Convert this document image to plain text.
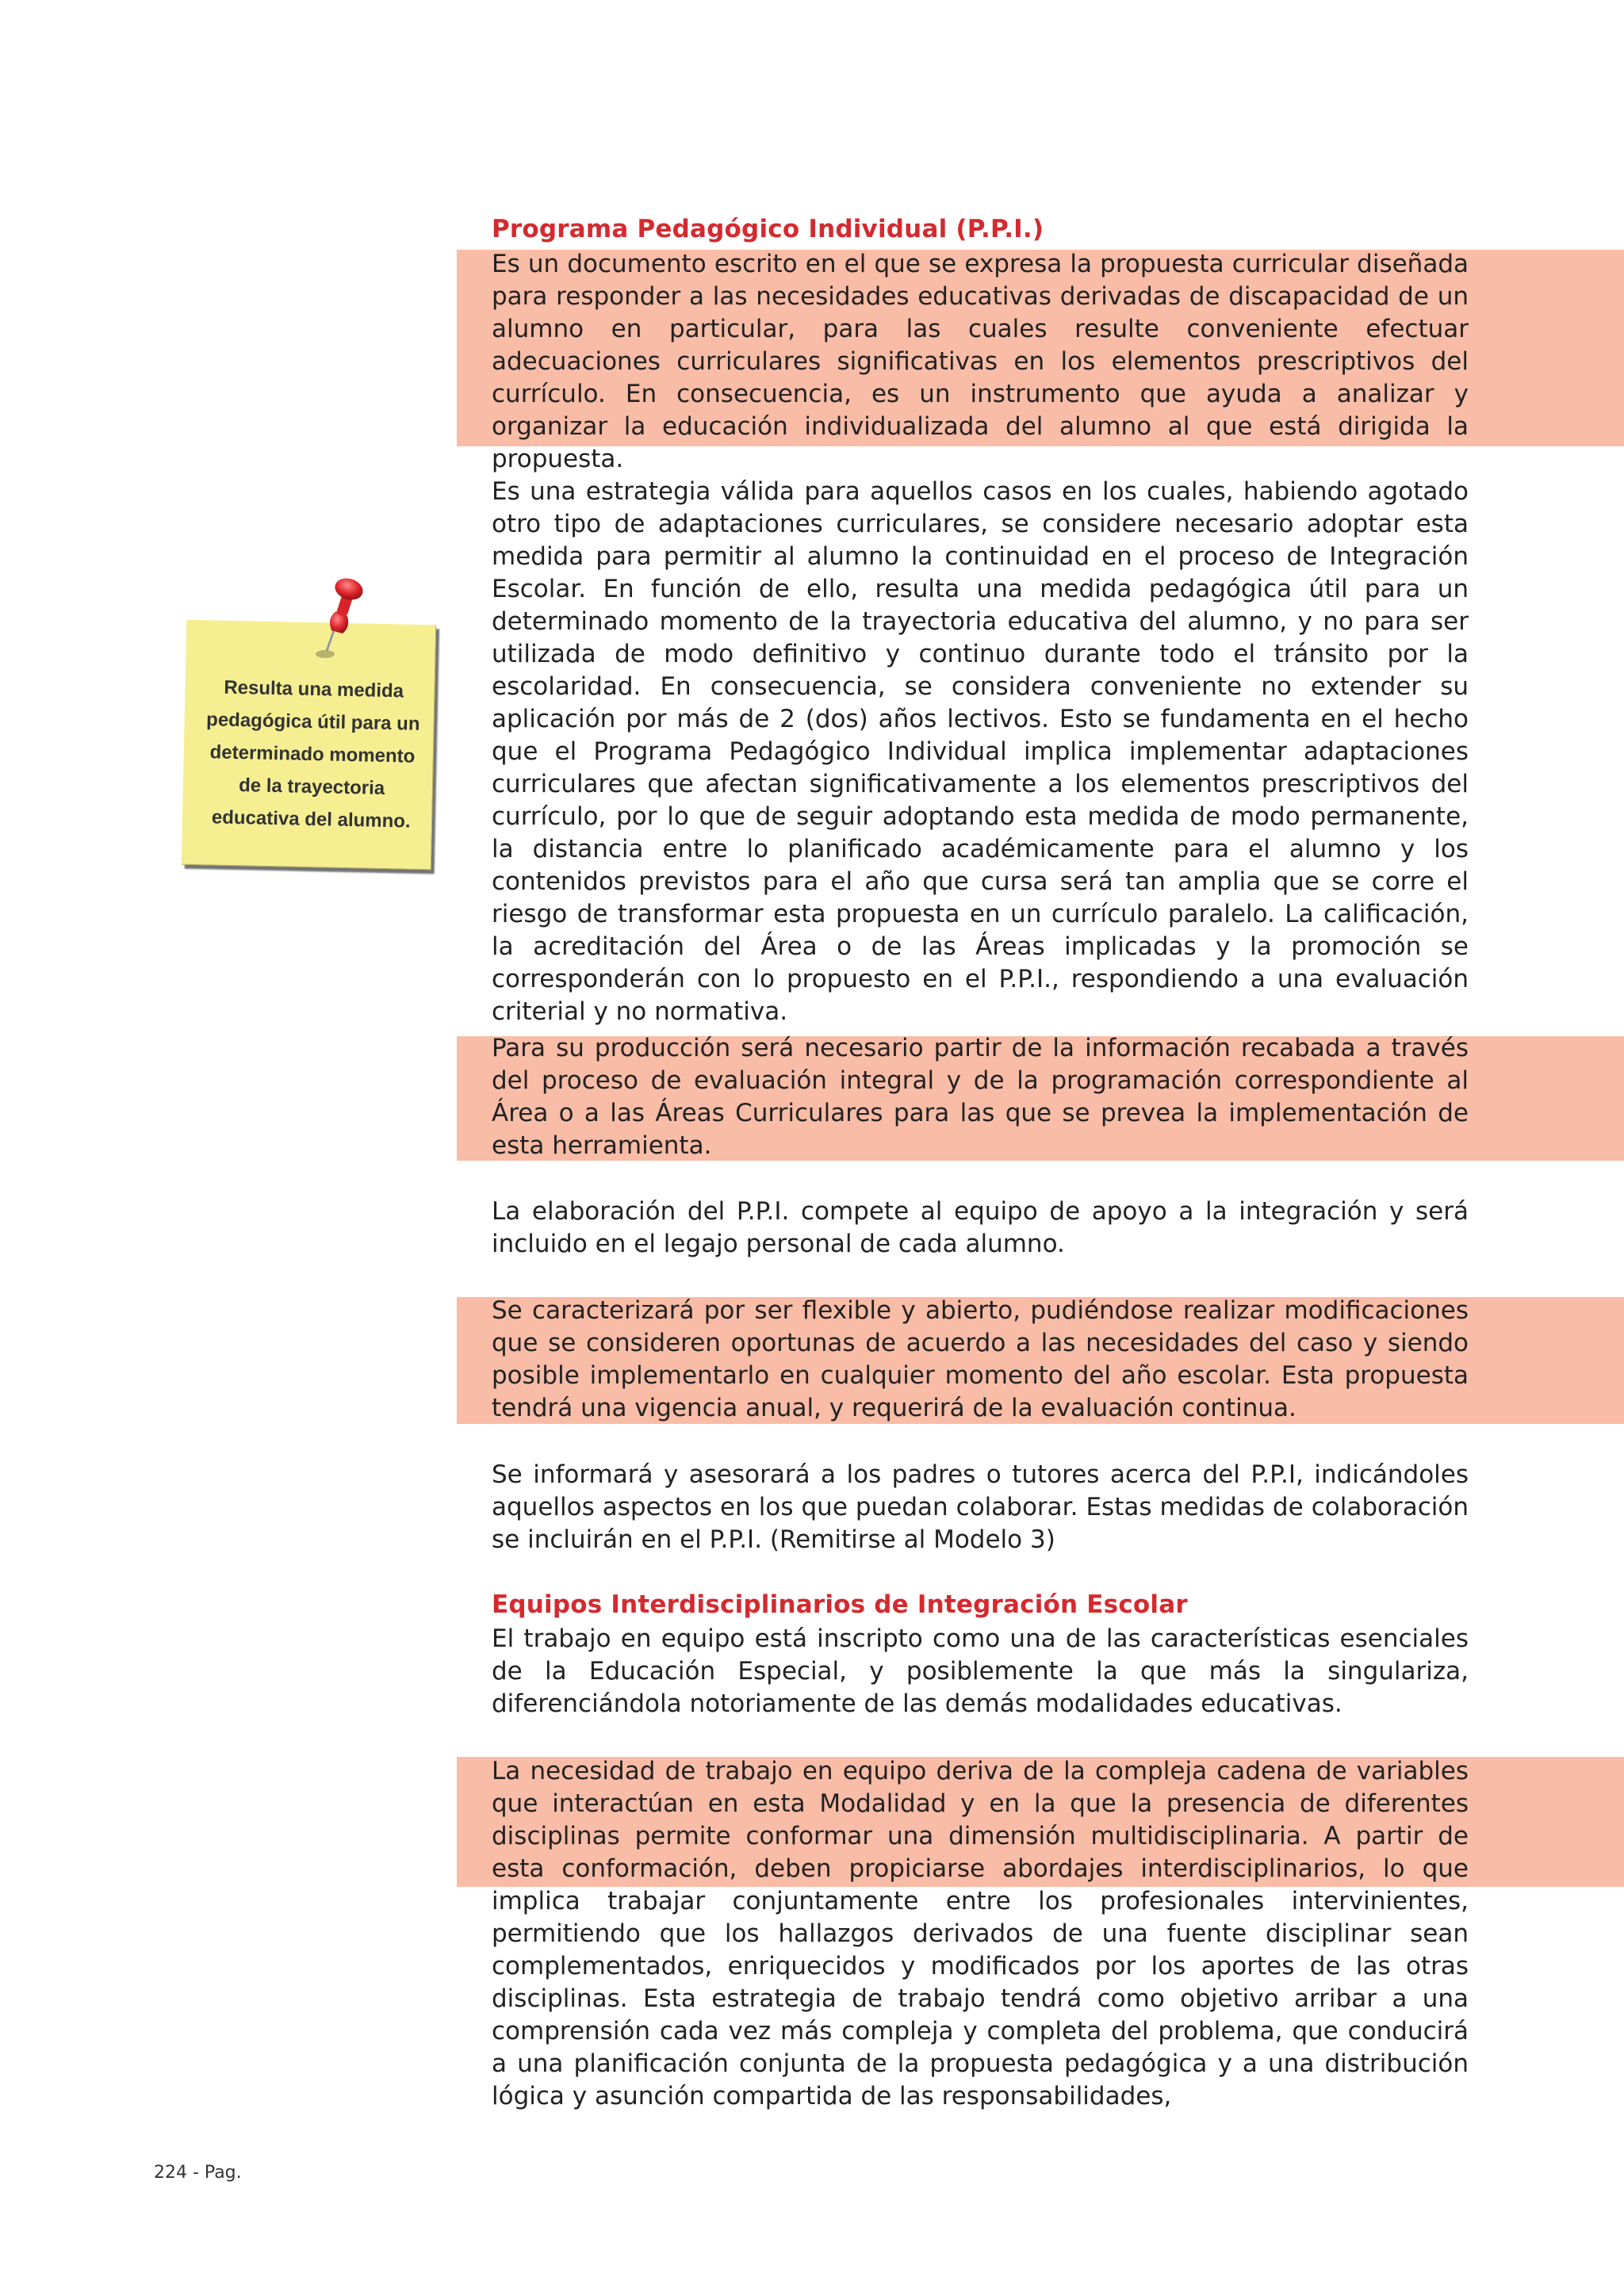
Programa Pedagógico Individual (P.P.I.)

Es un documento escrito en el que se expresa la propuesta curricular diseñada para responder a las necesidades educativas derivadas de discapacidad de un alumno en particular, para las cuales resulte conveniente efectuar adecuaciones curriculares significativas en los elementos prescriptivos del currículo. En consecuencia, es un instrumento que ayuda a analizar y organizar la educación individualizada del alumno al que está dirigida la propuesta.

Es una estrategia válida para aquellos casos en los cuales, habiendo agotado otro tipo de adaptaciones curriculares, se considere necesario adoptar esta medida para permitir al alumno la continuidad en el proceso de Integración Escolar. En función de ello, resulta una medida pedagógica útil para un determinado momento de la trayectoria educativa del alumno, y no para ser utilizada de modo definitivo y continuo durante todo el tránsito por la escolaridad. En consecuencia, se considera conveniente no extender su aplicación por más de 2 (dos) años lectivos. Esto se fundamenta en el hecho que el Programa Pedagógico Individual implica implementar adaptaciones curriculares que afectan significativamente a los elementos prescriptivos del currículo, por lo que de seguir adoptando esta medida de modo permanente, la distancia entre lo planificado académicamente para el alumno y los contenidos previstos para el año que cursa será tan amplia que se corre el riesgo de transformar esta propuesta en un currículo paralelo. La calificación, la acreditación del Área o de las Áreas implicadas y la promoción se corresponderán con lo propuesto en el P.P.I., respondiendo a una evaluación criterial y no normativa.

Para su producción será necesario partir de la información recabada a través del proceso de evaluación integral y de la programación correspondiente al Área o a las Áreas Curriculares para las que se prevea la implementación de esta herramienta.

La elaboración del P.P.I. compete al equipo de apoyo a la integración y será incluido en el legajo personal de cada alumno.

Se caracterizará por ser flexible y abierto, pudiéndose realizar modificaciones que se consideren oportunas de acuerdo a las necesidades del caso y siendo posible implementarlo en cualquier momento del año escolar. Esta propuesta tendrá una vigencia anual, y requerirá de la evaluación continua.

Se informará y asesorará a los padres o tutores acerca del P.P.I, indicándoles aquellos aspectos en los que puedan colaborar. Estas medidas de colaboración se incluirán en el P.P.I. (Remitirse al Modelo 3)

Equipos Interdisciplinarios de Integración Escolar

El trabajo en equipo está inscripto como una de las características esenciales de la Educación Especial, y posiblemente la que más la singulariza, diferenciándola notoriamente de las demás modalidades educativas.

La necesidad de trabajo en equipo deriva de la compleja cadena de variables que interactúan en esta Modalidad y en la que la presencia de diferentes disciplinas permite conformar una dimensión multidisciplinaria. A partir de esta conformación, deben propiciarse abordajes interdisciplinarios, lo que implica trabajar conjuntamente entre los profesionales intervinientes, permitiendo que los hallazgos derivados de una fuente disciplinar sean complementados, enriquecidos y modificados por los aportes de las otras disciplinas. Esta estrategia de trabajo tendrá como objetivo arribar a una comprensión cada vez más compleja y completa del problema, que conducirá a una planificación conjunta de la propuesta pedagógica y a una distribución lógica y asunción compartida de las responsabilidades,

Resulta una medida pedagógica útil para un determinado momento de la trayectoria educativa del alumno.

224 - Pag.
